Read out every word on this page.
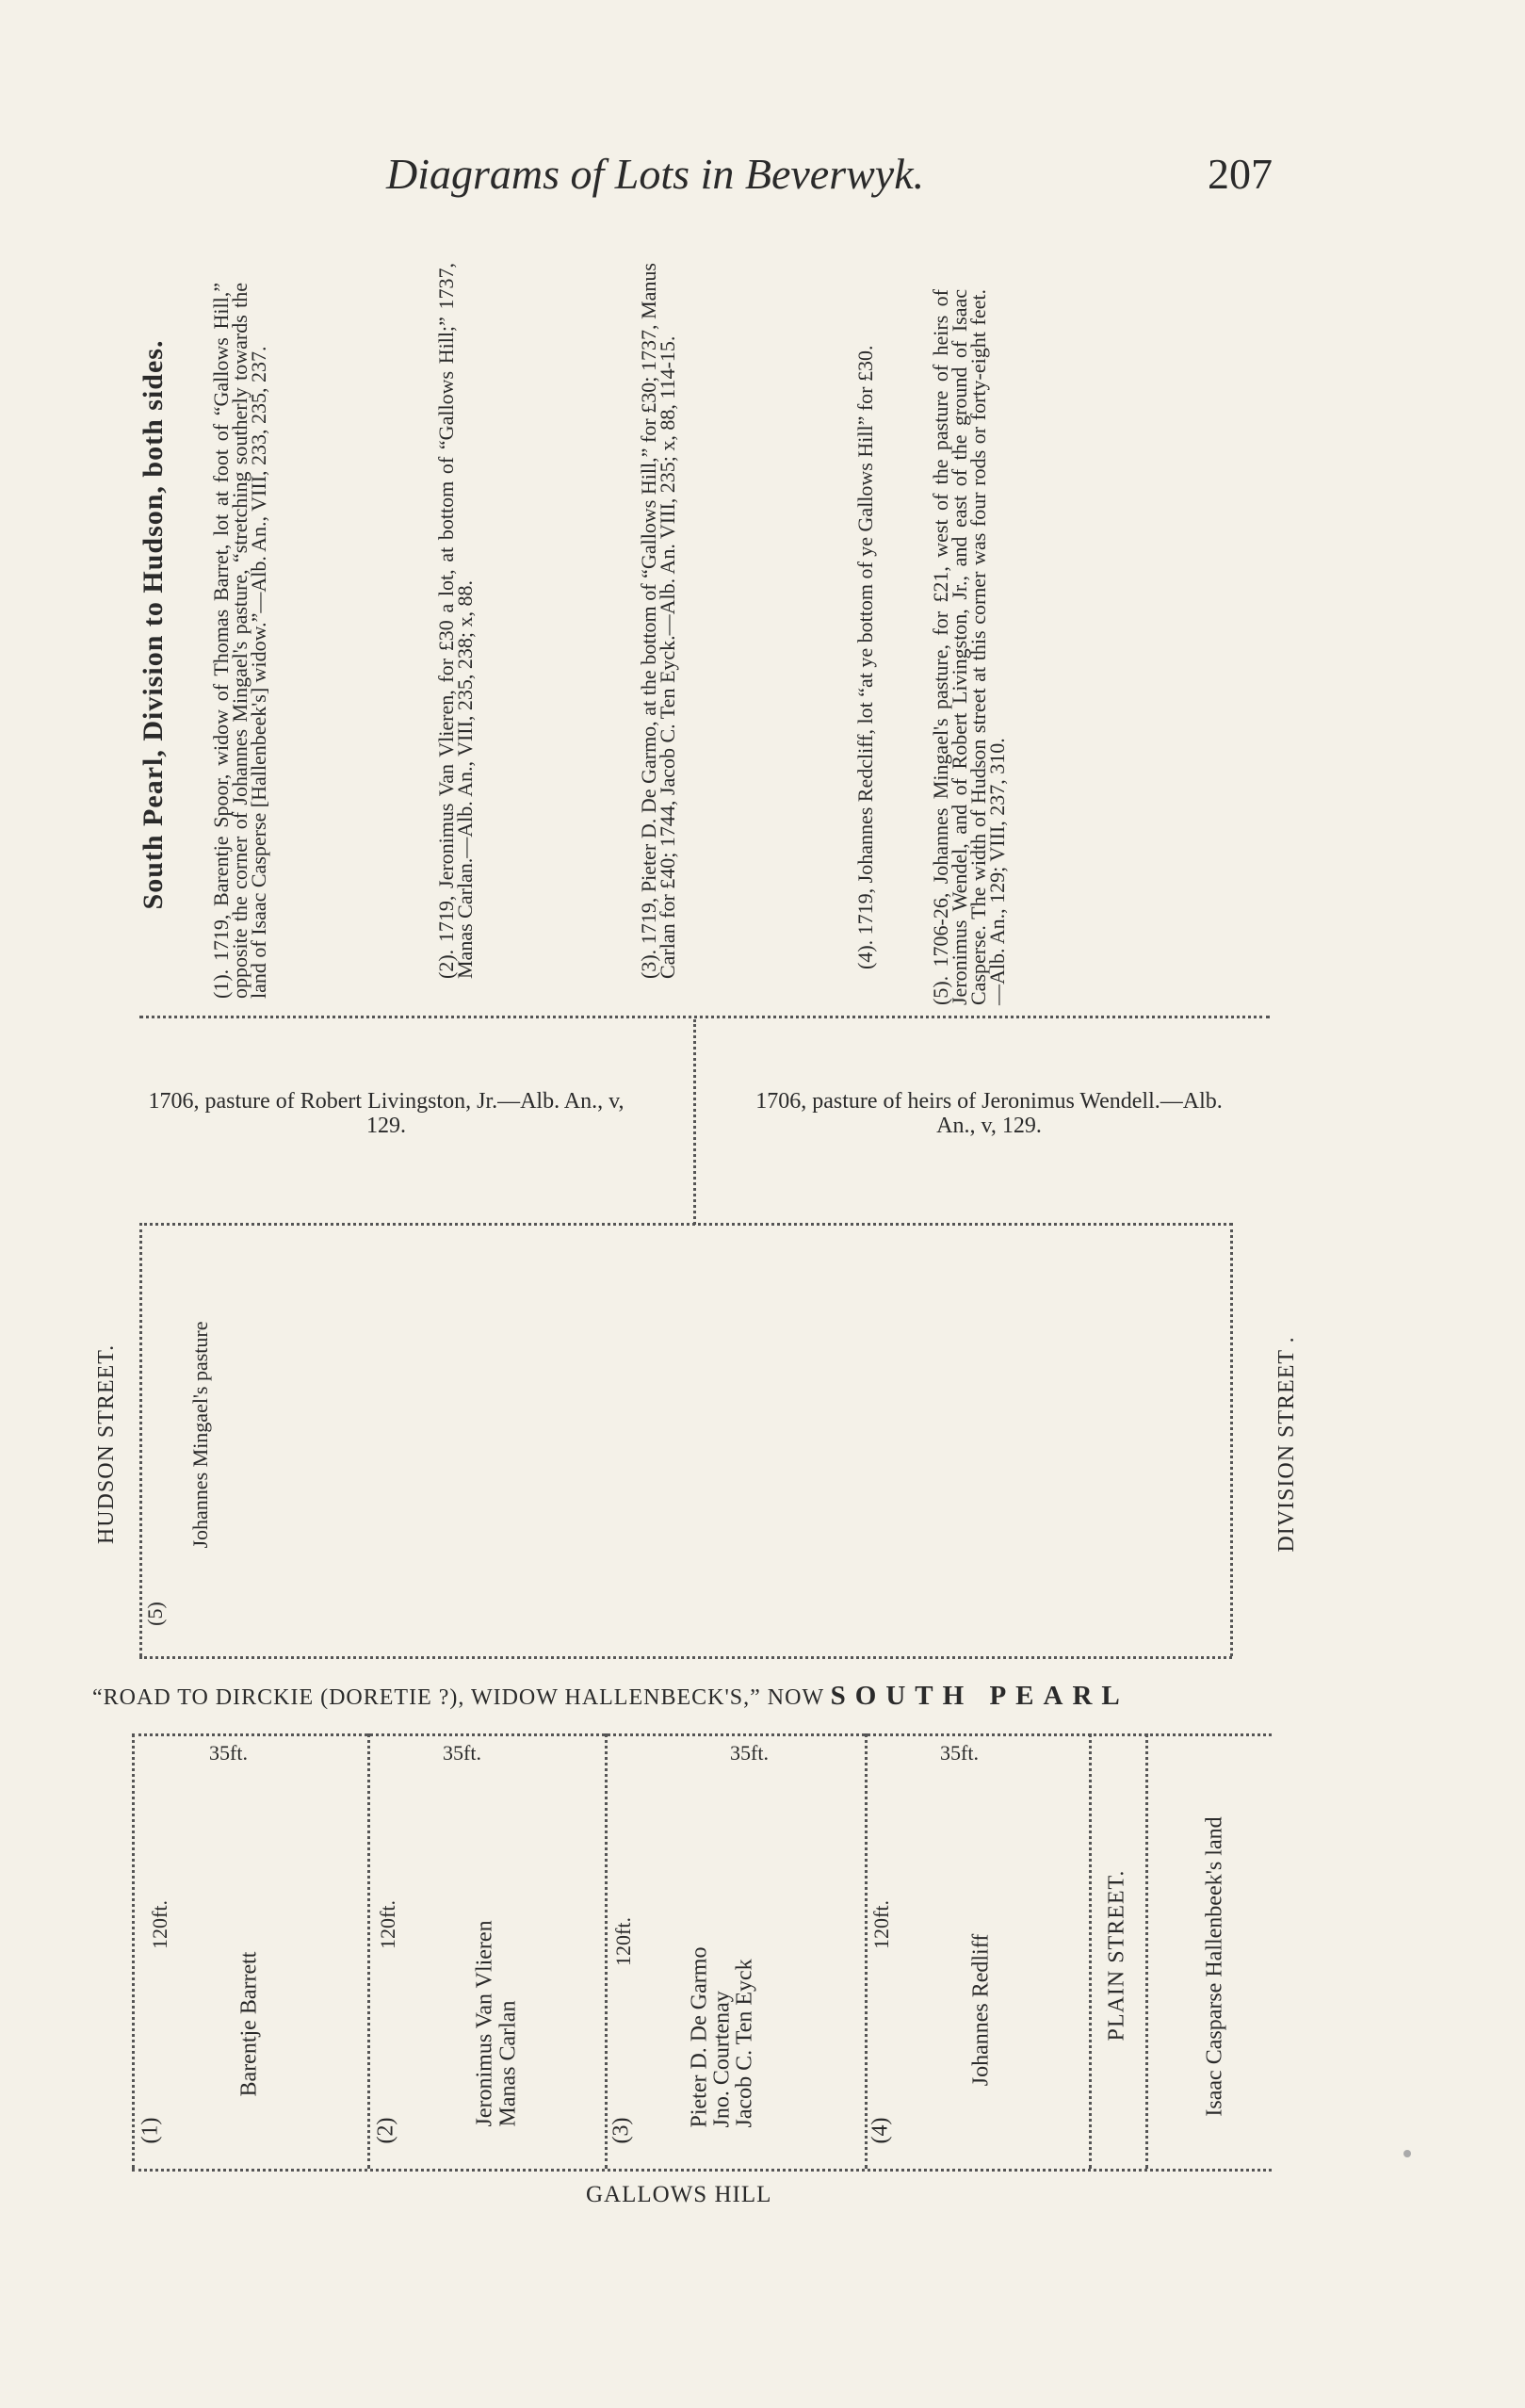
Diagrams of Lots in Beverwyk.	207
South Pearl, Division to Hudson, both sides. (1). 1719, Barentje Spoor, widow of Thomas Barret, lot at foot of “Gallows Hill,” opposite the corner of Johannes Mingael's pasture, “stretching southerly towards the land of Isaac Casperse [Hallenbeek's] widow.”—Alb. An., VIII, 233, 235, 237.	(2). 1719, Jeronimus Van Vlieren, for £30 a lot, at bottom of “Gallows Hill;” 1737, Manas Carlan.—Alb. An., VIII, 235, 238; x, 88.	(3). 1719, Pieter D. De Garmo, at the bottom of “Gallows Hill,” for £30; 1737, Manus Carlan for £40; 1744, Jacob C. Ten Eyck.—Alb. An. VIII, 235; x, 88, 114-15.	(4). 1719, Johannes Redcliff, lot “at ye bottom of ye Gallows Hill” for £30.	(5). 1706-26, Johannes Mingael's pasture, for £21, west of the pasture of heirs of Jeronimus Wendel, and of Robert Livingston, Jr., and east of the ground of Isaac Casperse. The width of Hudson street at this corner was four rods or forty-eight feet.—Alb. An., 129; VIII, 237, 310.
1706, pasture of Robert Livingston, Jr.—Alb. An., v, 129.
1706, pasture of heirs of Jeronimus Wendell.—Alb. An., v, 129.
HUDSON STREET.
(5)
Johannes Mingael's pasture	DIVISION STREET .
“ROAD TO DIRCKIE (DORETIE ?), WIDOW HALLENBECK'S,” NOW SOUTH PEARL
35ft.
120ft.
(1)
Barentje Barrett
35ft.
120ft.
(2)
Jeronimus Van Vlieren Manas Carlan
35ft.
120ft.
(3)
Pieter D. De Garmo
Jno. Courtenay
Jacob C. Ten Eyck
35ft.
120ft.
(4)
Johannes Redliff	PLAIN STREET.	Isaac Casparse Hallenbeek's land
GALLOWS HILL
